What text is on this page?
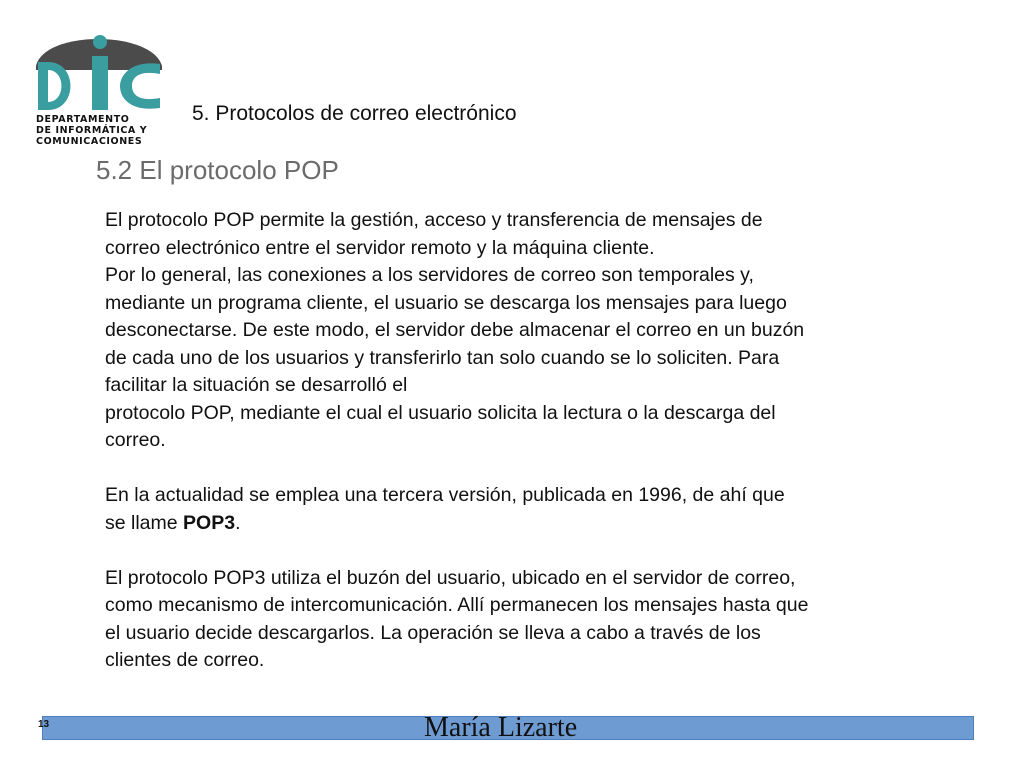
DEPARTAMENTO
DE INFORMÁTICA Y
COMUNICACIONES
5. Protocolos de correo electrónico
5.2 El protocolo POP

El protocolo POP permite la gestión, acceso y transferencia de mensajes de

correo electrónico entre el servidor remoto y la máquina cliente.

Por lo general, las conexiones a los servidores de correo son temporales y,

mediante un programa cliente, el usuario se descarga los mensajes para luego

desconectarse. De este modo, el servidor debe almacenar el correo en un buzón

de cada uno de los usuarios y transferirlo tan solo cuando se lo soliciten. Para

facilitar la situación se desarrolló el

protocolo POP, mediante el cual el usuario solicita la lectura o la descarga del

correo.

En la actualidad se emplea una tercera versión, publicada en 1996, de ahí que

se llame POP3.

El protocolo POP3 utiliza el buzón del usuario, ubicado en el servidor de correo,

como mecanismo de intercomunicación. Allí permanecen los mensajes hasta que

el usuario decide descargarlos. La operación se lleva a cabo a través de los

clientes de correo.

13	María Lizarte
